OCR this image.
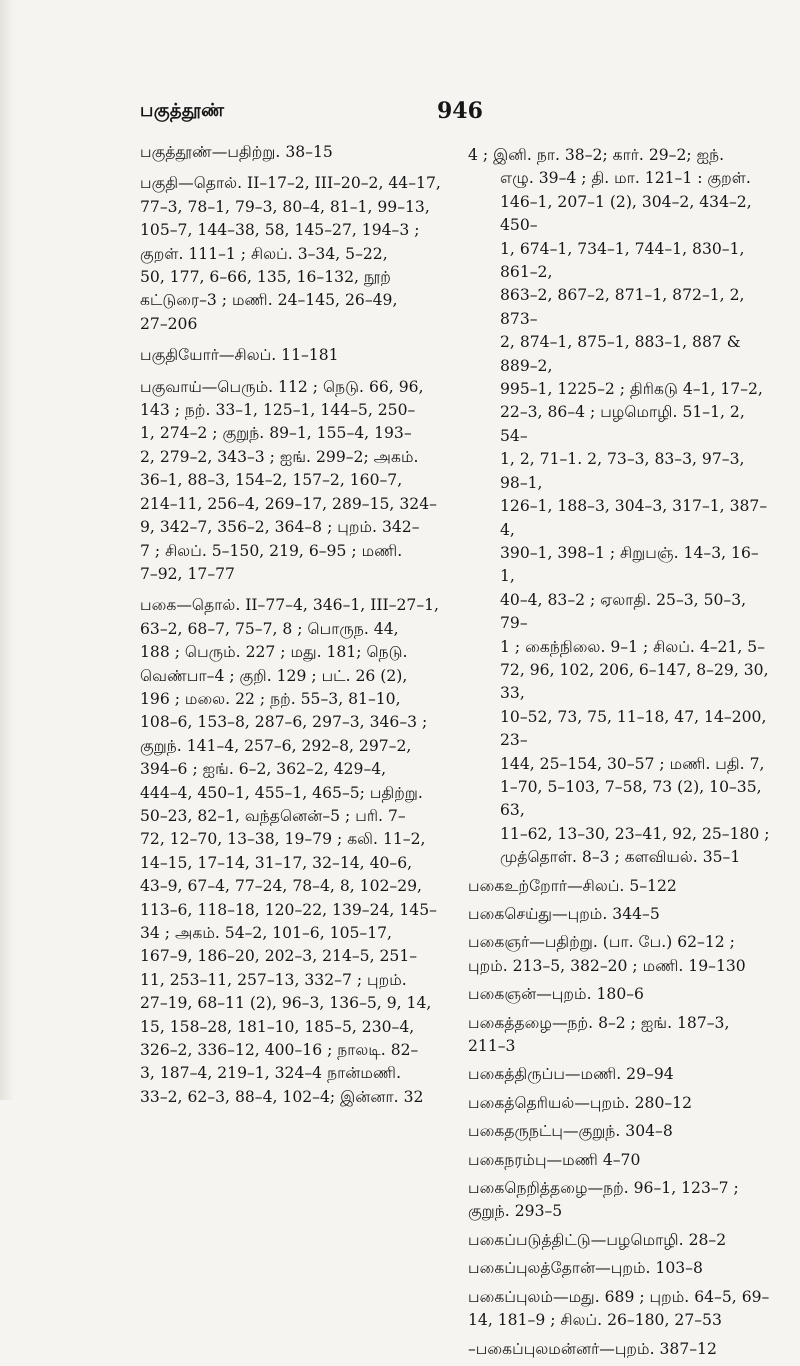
பகுத்தூண்	946
பகுத்தூண்—பதிற்று. 38–15
பகுதி—தொல். II–17–2, III–20–2, 44–17,
77–3, 78–1, 79–3, 80–4, 81–1, 99–13,
105–7, 144–38, 58, 145–27, 194–3 ;
குறள். 111–1 ; சிலப். 3–34, 5–22,
50, 177, 6–66, 135, 16–132, நூற்
கட்டுரை–3 ; மணி. 24–145, 26–49,
27–206
பகுதியோர்—சிலப். 11–181
பகுவாய்—பெரும். 112 ; நெடு. 66, 96,
143 ; நற். 33–1, 125–1, 144–5, 250–
1, 274–2 ; குறுந். 89–1, 155–4, 193–
2, 279–2, 343–3 ; ஐங். 299–2; அகம்.
36–1, 88–3, 154–2, 157–2, 160–7,
214–11, 256–4, 269–17, 289–15, 324–
9, 342–7, 356–2, 364–8 ; புறம். 342–
7 ; சிலப். 5–150, 219, 6–95 ; மணி.
7–92, 17–77
பகை—தொல். II–77–4, 346–1, III–27–1,
63–2, 68–7, 75–7, 8 ; பொருந. 44,
188 ; பெரும். 227 ; மது. 181; நெடு.
வெண்பா–4 ; குறி. 129 ; பட். 26 (2),
196 ; மலை. 22 ; நற். 55–3, 81–10,
108–6, 153–8, 287–6, 297–3, 346–3 ;
குறுந். 141–4, 257–6, 292–8, 297–2,
394–6 ; ஐங். 6–2, 362–2, 429–4,
444–4, 450–1, 455–1, 465–5; பதிற்று.
50–23, 82–1, வந்தனென்–5 ; பரி. 7–
72, 12–70, 13–38, 19–79 ; கலி. 11–2,
14–15, 17–14, 31–17, 32–14, 40–6,
43–9, 67–4, 77–24, 78–4, 8, 102–29,
113–6, 118–18, 120–22, 139–24, 145–
34 ; அகம். 54–2, 101–6, 105–17,
167–9, 186–20, 202–3, 214–5, 251–
11, 253–11, 257–13, 332–7 ; புறம்.
27–19, 68–11 (2), 96–3, 136–5, 9, 14,
15, 158–28, 181–10, 185–5, 230–4,
326–2, 336–12, 400–16 ; நாலடி. 82–
3, 187–4, 219–1, 324–4 நான்மணி.
33–2, 62–3, 88–4, 102–4; இன்னா. 32
4 ; இனி. நா. 38–2; கார். 29–2; ஐந்.
எழு. 39–4 ; தி. மா. 121–1 : குறள்.
146–1, 207–1 (2), 304–2, 434–2, 450–
1, 674–1, 734–1, 744–1, 830–1, 861–2,
863–2, 867–2, 871–1, 872–1, 2, 873–
2, 874–1, 875–1, 883–1, 887 & 889–2,
995–1, 1225–2 ; திரிகடு 4–1, 17–2,
22–3, 86–4 ; பழமொழி. 51–1, 2, 54–
1, 2, 71–1. 2, 73–3, 83–3, 97–3, 98–1,
126–1, 188–3, 304–3, 317–1, 387–4,
390–1, 398–1 ; சிறுபஞ். 14–3, 16–1,
40–4, 83–2 ; ஏலாதி. 25–3, 50–3, 79–
1 ; கைந்நிலை. 9–1 ; சிலப். 4–21, 5–
72, 96, 102, 206, 6–147, 8–29, 30, 33,
10–52, 73, 75, 11–18, 47, 14–200, 23–
144, 25–154, 30–57 ; மணி. பதி. 7,
1–70, 5–103, 7–58, 73 (2), 10–35, 63,
11–62, 13–30, 23–41, 92, 25–180 ;
முத்தொள். 8–3 ; களவியல். 35–1
பகைஉற்றோர்—சிலப். 5–122
பகைசெய்து—புறம். 344–5
பகைஞர்—பதிற்று. (பா. பே.) 62–12 ;
புறம். 213–5, 382–20 ; மணி. 19–130
பகைஞன்—புறம். 180–6
பகைத்தழை—நற். 8–2 ; ஐங். 187–3,
211–3
பகைத்திருப்ப—மணி. 29–94
பகைத்தெரியல்—புறம். 280–12
பகைதருநட்பு—குறுந். 304–8
பகைநரம்பு—மணி 4–70
பகைநெறித்தழை—நற். 96–1, 123–7 ;
குறுந். 293–5
பகைப்படுத்திட்டு—பழமொழி. 28–2
பகைப்புலத்தோன்—புறம். 103–8
பகைப்புலம்—மது. 689 ; புறம். 64–5, 69–
14, 181–9 ; சிலப். 26–180, 27–53
–பகைப்புலமன்னர்—புறம். 387–12
